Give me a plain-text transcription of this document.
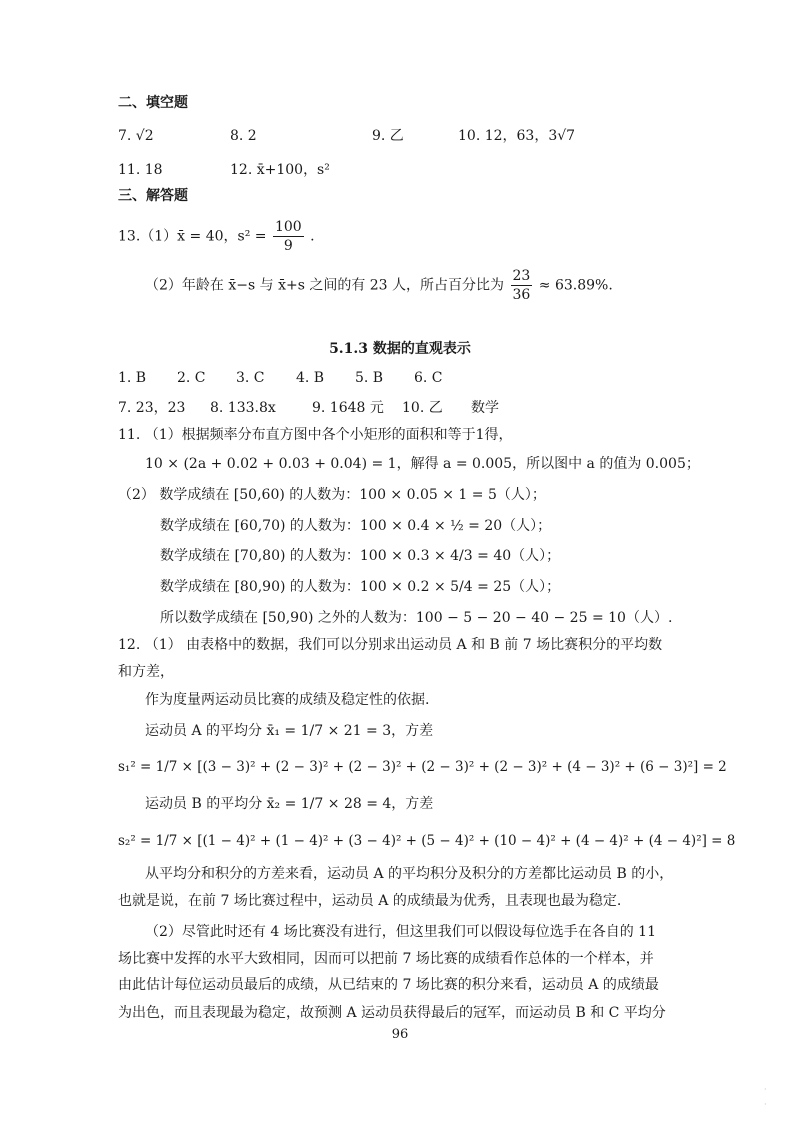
二、填空题
7. √2	8. 2	9. 乙	10. 12，63，3√7
11. 18	12. x̄+100，s²
三、解答题
13.（1）x̄ = 40，$s^2 = \frac{100}{9}$ .
（2）年龄在 x̄−s 与 x̄+s 之间的有 23 人，所占百分比为 $\frac{23}{36} \approx 63.89\%$.
5.1.3 数据的直观表示
1. B 2. C 3. C 4. B 5. B 6. C
7. 23，23 8. 133.8x	9. 1648 元 10. 乙 数学
11. （1）根据频率分布直方图中各个小矩形的面积和等于1得，
10 × (2a + 0.02 + 0.03 + 0.04) = 1，解得 a = 0.005，所以图中 a 的值为 0.005；
（2） 数学成绩在 [50,60) 的人数为：100 × 0.05 × 1 = 5（人）；
数学成绩在 [60,70) 的人数为：100 × 0.4 × ½ = 20（人）；
数学成绩在 [70,80) 的人数为：100 × 0.3 × 4/3 = 40（人）；
数学成绩在 [80,90) 的人数为：100 × 0.2 × 5/4 = 25（人）；
所以数学成绩在 [50,90) 之外的人数为：100 − 5 − 20 − 40 − 25 = 10（人）.
12. （1） 由表格中的数据，我们可以分别求出运动员 A 和 B 前 7 场比赛积分的平均数
和方差，
作为度量两运动员比赛的成绩及稳定性的依据.
运动员 A 的平均分 x̄₁ = 1/7 × 21 = 3，方差
s₁² = 1/7 × [(3 − 3)² + (2 − 3)² + (2 − 3)² + (2 − 3)² + (2 − 3)² + (4 − 3)² + (6 − 3)²] = 2
运动员 B 的平均分 x̄₂ = 1/7 × 28 = 4，方差
s₂² = 1/7 × [(1 − 4)² + (1 − 4)² + (3 − 4)² + (5 − 4)² + (10 − 4)² + (4 − 4)² + (4 − 4)²] = 8
从平均分和积分的方差来看，运动员 A 的平均积分及积分的方差都比运动员 B 的小，
也就是说，在前 7 场比赛过程中，运动员 A 的成绩最为优秀，且表现也最为稳定.
（2）尽管此时还有 4 场比赛没有进行，但这里我们可以假设每位选手在各自的 11
场比赛中发挥的水平大致相同，因而可以把前 7 场比赛的成绩看作总体的一个样本，并
由此估计每位运动员最后的成绩，从已结束的 7 场比赛的积分来看，运动员 A 的成绩最
为出色，而且表现最为稳定，故预测 A 运动员获得最后的冠军，而运动员 B 和 C 平均分
96
·
·
